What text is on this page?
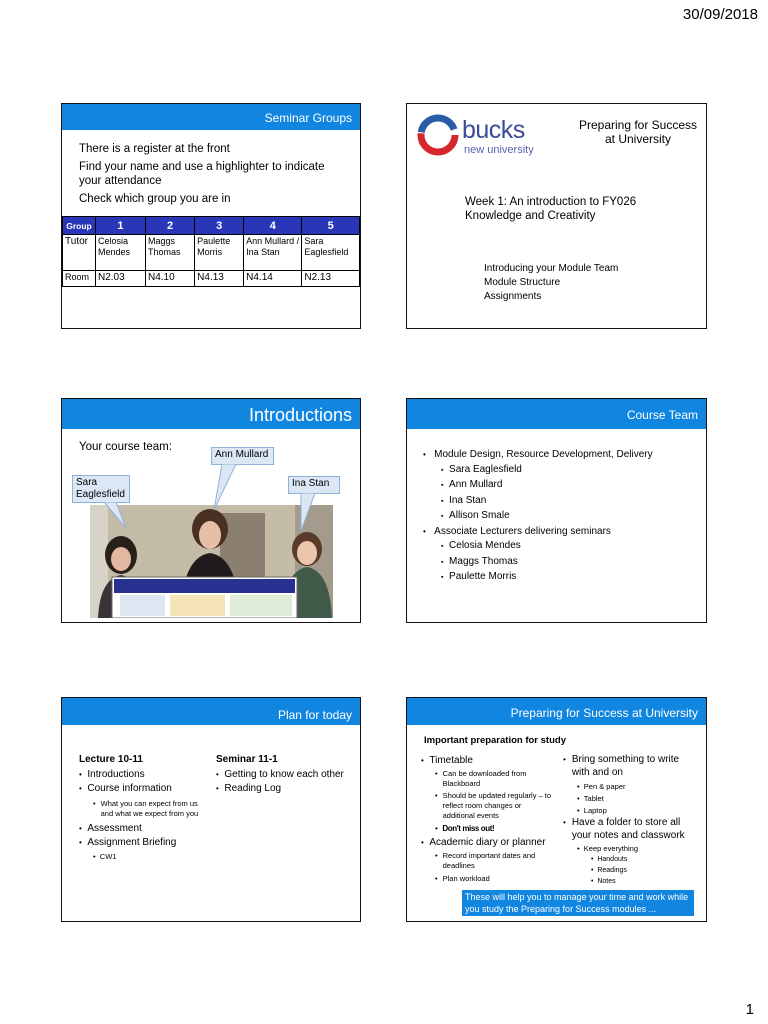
30/09/2018
Seminar Groups

There is a register at the front

Find your name and use a highlighter to indicate your attendance

Check which group you are in

Group	1	2	3	4	5
Tutor	Celosia Mendes	Maggs Thomas	Paulette Morris	Ann Mullard / Ina Stan	Sara Eaglesfield
Room	N2.03	N4.10	N4.13	N4.14	N2.13
bucks
new university
Preparing for Success at University
Week 1: An introduction to FY026 Knowledge and Creativity
Introducing your Module Team
Module Structure
Assignments
Introductions
Your course team:
Sara Eaglesfield
Ann Mullard
Ina Stan
Course Team
• Module Design, Resource Development, Delivery
▪ Sara Eaglesfield
▪ Ann Mullard
▪ Ina Stan
▪ Allison Smale
• Associate Lecturers delivering seminars
▪ Celosia Mendes
▪ Maggs Thomas
▪ Paulette Morris
Plan for today
Lecture 10-11
• Introductions
• Course information
• What you can expect from us and what we expect from you
• Assessment
• Assignment Briefing
•  CW1
Seminar 11-1
• Getting to know each other
• Reading Log
Preparing for Success at University
Important preparation for study
• Timetable
• Can be downloaded from Blackboard
• Should be updated regularly – to reflect room changes or additional events
• Don't miss out!
• Academic diary or planner
• Record important dates and deadlines
• Plan workload
• Bring something to write with and on
•  Pen & paper
•  Tablet
•  Laptop
• Have a folder to store all your notes and classwork
•  Keep everything
•  Handouts
•  Readings
•  Notes
These will help you to manage your time and work while you study the Preparing for Success modules ...
1
